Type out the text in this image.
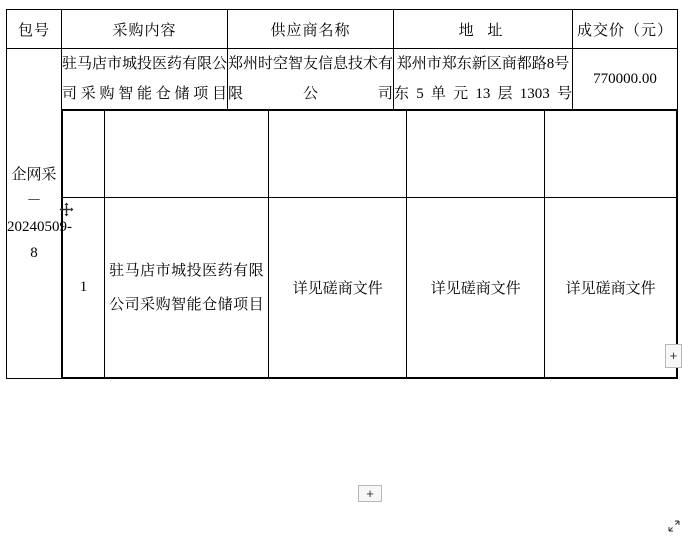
包号	采购内容	供应商名称	地 址	成交价（元）
企网采－20240509-8	驻马店市城投医药有限公司采购智能仓储项目	郑州时空智友信息技术有限公司	郑州市郑东新区商都路8号东5单元13层1303号	770000.00

1	驻马店市城投医药有限公司采购智能仓储项目	详见磋商文件	详见磋商文件	详见磋商文件
+
+
